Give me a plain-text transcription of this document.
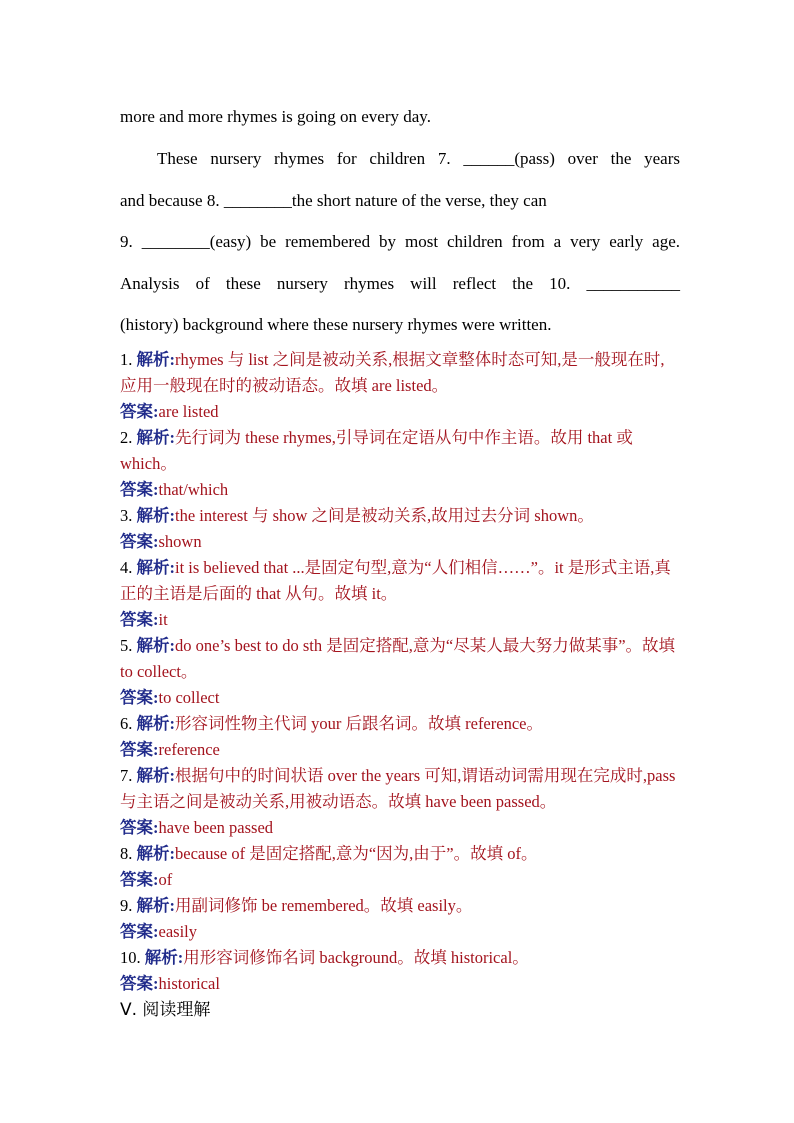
more and more rhymes is going on every day.
These nursery rhymes for children 7. ______(pass) over the years
and because 8. ________the short nature of the verse, they can
9. ________(easy) be remembered by most children from a very early age.
Analysis of these nursery rhymes will reflect the 10. ___________
(history) background where these nursery rhymes were written.
1. 解析:rhymes 与 list 之间是被动关系,根据文章整体时态可知,是一般现在时,应用一般现在时的被动语态。故填 are listed。
答案:are listed
2. 解析:先行词为 these rhymes,引导词在定语从句中作主语。故用 that 或 which。
答案:that/which
3. 解析:the interest 与 show 之间是被动关系,故用过去分词 shown。
答案:shown
4. 解析:it is believed that ...是固定句型,意为“人们相信……”。it 是形式主语,真正的主语是后面的 that 从句。故填 it。
答案:it
5. 解析:do one’s best to do sth 是固定搭配,意为“尽某人最大努力做某事”。故填 to collect。
答案:to collect
6. 解析:形容词性物主代词 your 后跟名词。故填 reference。
答案:reference
7. 解析:根据句中的时间状语 over the years 可知,谓语动词需用现在完成时,pass 与主语之间是被动关系,用被动语态。故填 have been passed。
答案:have been passed
8. 解析:because of 是固定搭配,意为“因为,由于”。故填 of。
答案:of
9. 解析:用副词修饰 be remembered。故填 easily。
答案:easily
10. 解析:用形容词修饰名词 background。故填 historical。
答案:historical
Ⅴ. 阅读理解
